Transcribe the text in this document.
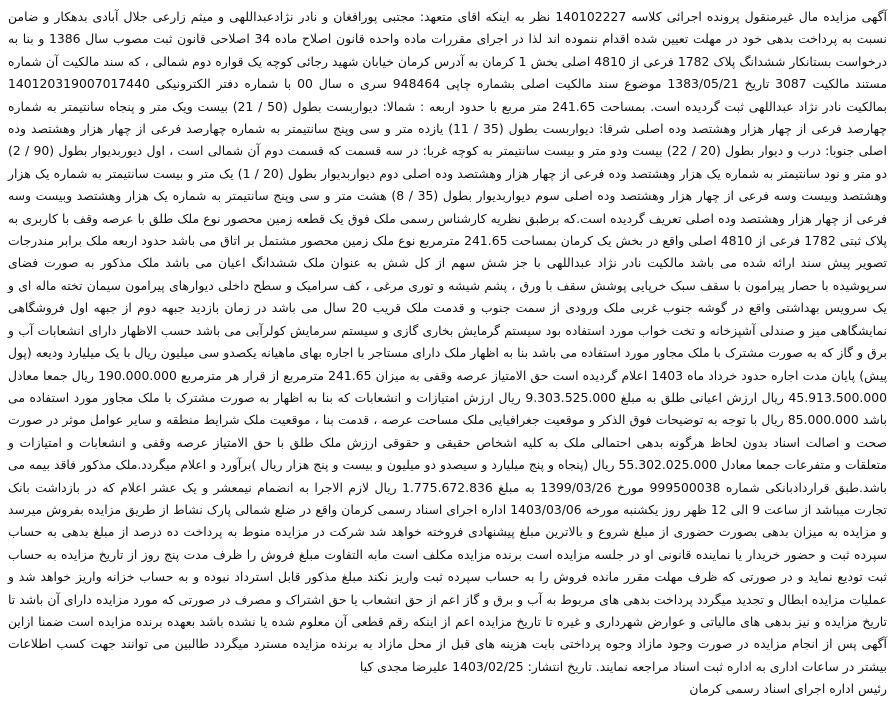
آگهی مزایده مال غیرمنقول پرونده اجرائی کلاسه 140102227 نظر به اینکه اقای متعهد: مجتبی پورافغان و نادر نژادعبداللهی و میثم زارعی جلال آبادی بدهکار و ضامن نسبت به پرداخت بدهی خود در مهلت تعیین شده اقدام ننموده اند لذا در اجرای مقررات ماده واحده قانون اصلاح ماده 34 اصلاحی قانون ثبت مصوب سال 1386 و بنا به درخواست بستانکار ششدانگ پلاک 1782 فرعی از 4810 اصلی بخش 1 کرمان به آدرس کرمان خیابان شهید رجائی کوچه یک قواره دوم شمالی ، که سند مالکیت آن شماره مستند مالکیت 3087 تاریخ 1383/05/21 موضوع سند مالکیت اصلی بشماره چاپی 948464 سری ه سال 00 با شماره دفتر الکترونیکی 140120319007017440 بمالکیت نادر نژاد عبداللهی ثبت گردیده است. بمساحت 241.65 متر مربع با حدود اربعه : شمالا: دیواربست بطول (50 / 21) بیست ویک متر و پنجاه سانتیمتر به شماره چهارصد فرعی از چهار هزار وهشتصد وده اصلی شرقا: دیواربست بطول (35 / 11) یازده متر و سی وپنج سانتیمتر به شماره چهارصد فرعی از چهار هزار وهشتصد وده اصلی جنوبا: درب و دیوار بطول (20 / 22) بیست ودو متر و بیست سانتیمتر به کوچه غربا: در سه قسمت که قسمت دوم آن شمالی است ، اول دیوربدیوار بطول (90 / 2) دو متر و نود سانتیمتر به شماره یک هزار وهشتصد وده فرعی از چهار هزار وهشتصد وده اصلی دوم دیواربدیوار بطول (20 / 1) یک متر و بیست سانتیمتر به شماره یک هزار وهشتصد وبیست وسه فرعی از چهار هزار وهشتصد وده اصلی سوم دیواربدیوار بطول (35 / 8) هشت متر و سی وپنج سانتیمتر به شماره یک هزار وهشتصد وبیست وسه فرعی از چهار هزار وهشتصد وده اصلی تعریف گردیده است.که برطبق نظریه کارشناس رسمی ملک فوق یک قطعه زمین محصور نوع ملک طلق با عرصه وقف با کاربری به پلاک ثبتی 1782 فرعی از 4810 اصلی واقع در بخش یک کرمان بمساحت 241.65 مترمربع نوع ملک زمین محصور مشتمل بر اتاق می باشد حدود اربعه ملک برابر مندرجات تصویر پیش سند ارائه شده می باشد مالکیت نادر نژاد عبداللهی با جز شش سهم از کل شش به عنوان ملک ششدانگ اعیان می باشد ملک مذکور به صورت فضای سرپوشیده با حصار پیرامون با سقف سبک خرپایی پوشش سقف با ورق ، پشم شیشه و توری مرغی ، کف سرامیک و سطح داخلی دیوارهای پیرامون سیمان تخته ماله ای و یک سرویس بهداشتی واقع در گوشه جنوب غربی ملک ورودی از سمت جنوب و قدمت ملک قریب 20 سال می باشد در زمان بازدید جبهه دوم از جبهه اول فروشگاهی نمایشگاهی میز و صندلی آشپزخانه و تخت خواب مورد استفاده بود سیستم گرمایش بخاری گازی و سیستم سرمایش کولرآبی می باشد حسب الاظهار دارای انشعابات آب و برق و گاز که به صورت مشترک با ملک مجاور مورد استفاده می باشد بنا به اظهار ملک دارای مستاجر با اجاره بهای ماهیانه یکصدو سی میلیون ریال با یک میلیارد ودیعه (پول پیش) پایان مدت اجاره حدود خرداد ماه 1403 اعلام گردیده است حق الامتیاز عرصه وقفی به میزان 241.65 مترمربع از قرار هر مترمربع 190.000.000 ریال جمعا معادل 45.913.500.000 ریال ارزش اعیانی طلق به مبلغ 9.303.525.000 ریال ارزش امتیازات و انشعابات که بنا به اظهار به صورت مشترک با ملک مجاور مورد استفاده می باشد 85.000.000 ریال با توجه به توضیحات فوق الذکر و موقعیت جغرافیایی ملک مساحت عرصه ، قدمت بنا ، موقعیت ملک شرایط منطقه و سایر عوامل موثر در صورت صحت و اصالت اسناد بدون لحاظ هرگونه بدهی احتمالی ملک به کلیه اشخاص حقیقی و حقوقی ارزش ملک طلق با حق الامتیاز عرصه وقفی و انشعابات و امتیازات و متعلقات و متفرعات جمعا معادل 55.302.025.000 ریال (پنجاه و پنج میلیارد و سیصدو دو میلیون و بیست و پنج هزار ریال )برآورد و اعلام میگردد.ملک مذکور فاقد بیمه می باشد.طبق قراردادبانکی شماره 999500038 مورخ 1399/03/26 به مبلغ 1.775.672.836 ریال لازم الاجرا به انضمام نیمعشر و یک عشر اعلام که در بازداشت بانک تجارت میباشد از ساعت 9 الی 12 ظهر روز یکشنبه مورخه 1403/03/06 اداره اجرای اسناد رسمی کرمان واقع در ضلع شمالی پارک نشاط از طریق مزایده بفروش میرسد و مزایده به میزان بدهی بصورت حضوری از مبلغ شروع و بالاترین مبلغ پیشنهادی فروخته خواهد شد شرکت در مزایده منوط به پرداخت ده درصد از مبلغ بدهی به حساب سپرده ثبت و حضور خریدار یا نماینده قانونی او در جلسه مزایده است برنده مزایده مکلف است مابه التفاوت مبلغ فروش را ظرف مدت پنج روز از تاریخ مزایده به حساب ثبت تودیع نماید و در صورتی که ظرف مهلت مقرر مانده فروش را به حساب سپرده ثبت واریز نکند مبلغ مذکور قابل استرداد نبوده و به حساب خزانه واریز خواهد شد و عملیات مزایده ابطال و تجدید میگردد پرداخت بدهی های مربوط به آب و برق و گاز اعم از حق انشعاب یا حق اشتراک و مصرف در صورتی که مورد مزایده دارای آن باشد تا تاریخ مزایده و نیز بدهی های مالیاتی و عوارض شهرداری و غیره تا تاریخ مزایده اعم از اینکه رقم قطعی آن معلوم شده یا نشده باشد بعهده برنده مزایده است ضمنا ازاین آگهی پس از انجام مزایده در صورت وجود مازاد وجوه پرداختی بابت هزینه های قبل از محل مازاد به برنده مزایده مسترد میگردد طالبین می توانند جهت کسب اطلاعات بیشتر در ساعات اداری به اداره ثبت اسناد مراجعه نمایند. تاریخ انتشار: 1403/02/25 علیرضا مجدی کیا

رئیس اداره اجرای اسناد رسمی کرمان
